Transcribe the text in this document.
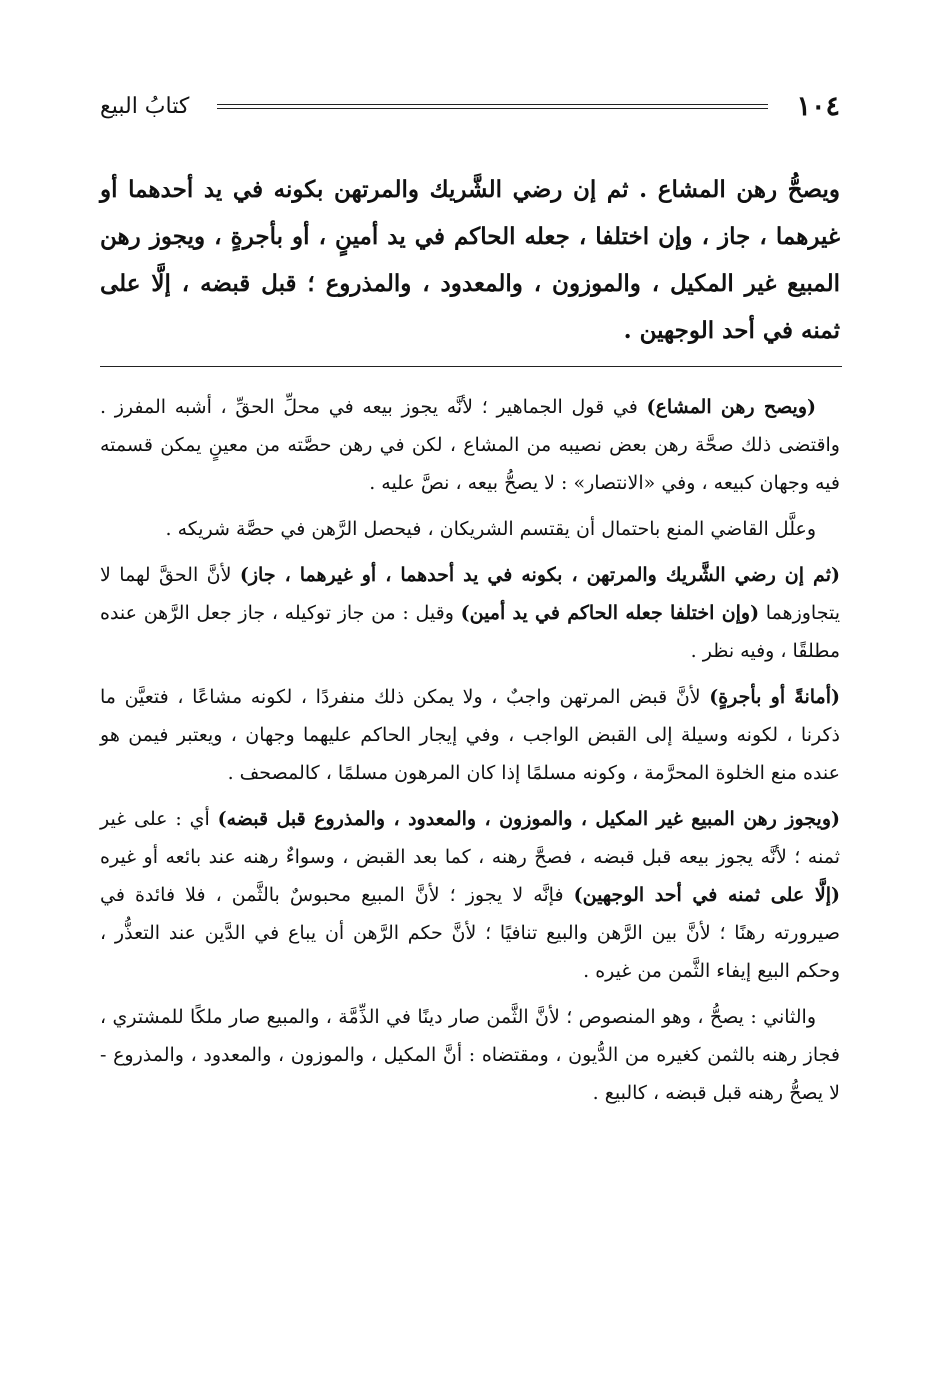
١٠٤
كتابُ البيع
ويصحُّ رهن المشاع . ثم إن رضي الشَّريك والمرتهن بكونه في يد أحدهما أو غيرهما ، جاز ، وإن اختلفا ، جعله الحاكم في يد أمينٍ ، أو بأجرةٍ ، ويجوز رهن المبيع غير المكيل ، والموزون ، والمعدود ، والمذروع ؛ قبل قبضه ، إلَّا على ثمنه في أحد الوجهين .

(ويصح رهن المشاع) في قول الجماهير ؛ لأنَّه يجوز بيعه في محلِّ الحقِّ ، أشبه المفرز . واقتضى ذلك صحَّة رهن بعض نصيبه من المشاع ، لكن في رهن حصَّته من معينٍ يمكن قسمته فيه وجهان كبيعه ، وفي «الانتصار» : لا يصحُّ بيعه ، نصَّ عليه .

وعلَّل القاضي المنع باحتمال أن يقتسم الشريكان ، فيحصل الرَّهن في حصَّة شريكه .

(ثم إن رضي الشَّريك والمرتهن ، بكونه في يد أحدهما ، أو غيرهما ، جاز) لأنَّ الحقَّ لهما لا يتجاوزهما (وإن اختلفا جعله الحاكم في يد أمين) وقيل : من جاز توكيله ، جاز جعل الرَّهن عنده مطلقًا ، وفيه نظر .

(أمانةً أو بأجرةٍ) لأنَّ قبض المرتهن واجبٌ ، ولا يمكن ذلك منفردًا ، لكونه مشاعًا ، فتعيَّن ما ذكرنا ، لكونه وسيلة إلى القبض الواجب ، وفي إيجار الحاكم عليهما وجهان ، ويعتبر فيمن هو عنده منع الخلوة المحرَّمة ، وكونه مسلمًا إذا كان المرهون مسلمًا ، كالمصحف .

(ويجوز رهن المبيع غير المكيل ، والموزون ، والمعدود ، والمذروع قبل قبضه) أي : على غير ثمنه ؛ لأنَّه يجوز بيعه قبل قبضه ، فصحَّ رهنه ، كما بعد القبض ، وسواءٌ رهنه عند بائعه أو غيره (إلَّا على ثمنه في أحد الوجهين) فإنَّه لا يجوز ؛ لأنَّ المبيع محبوسٌ بالثَّمن ، فلا فائدة في صيرورته رهنًا ؛ لأنَّ بين الرَّهن والبيع تنافيًا ؛ لأنَّ حكم الرَّهن أن يباع في الدَّين عند التعذُّر ، وحكم البيع إيفاء الثَّمن من غيره .

والثاني : يصحُّ ، وهو المنصوص ؛ لأنَّ الثَّمن صار دينًا في الذِّمَّة ، والمبيع صار ملكًا للمشتري ، فجاز رهنه بالثمن كغيره من الدُّيون ، ومقتضاه : أنَّ المكيل ، والموزون ، والمعدود ، والمذروع - لا يصحُّ رهنه قبل قبضه ، كالبيع .
